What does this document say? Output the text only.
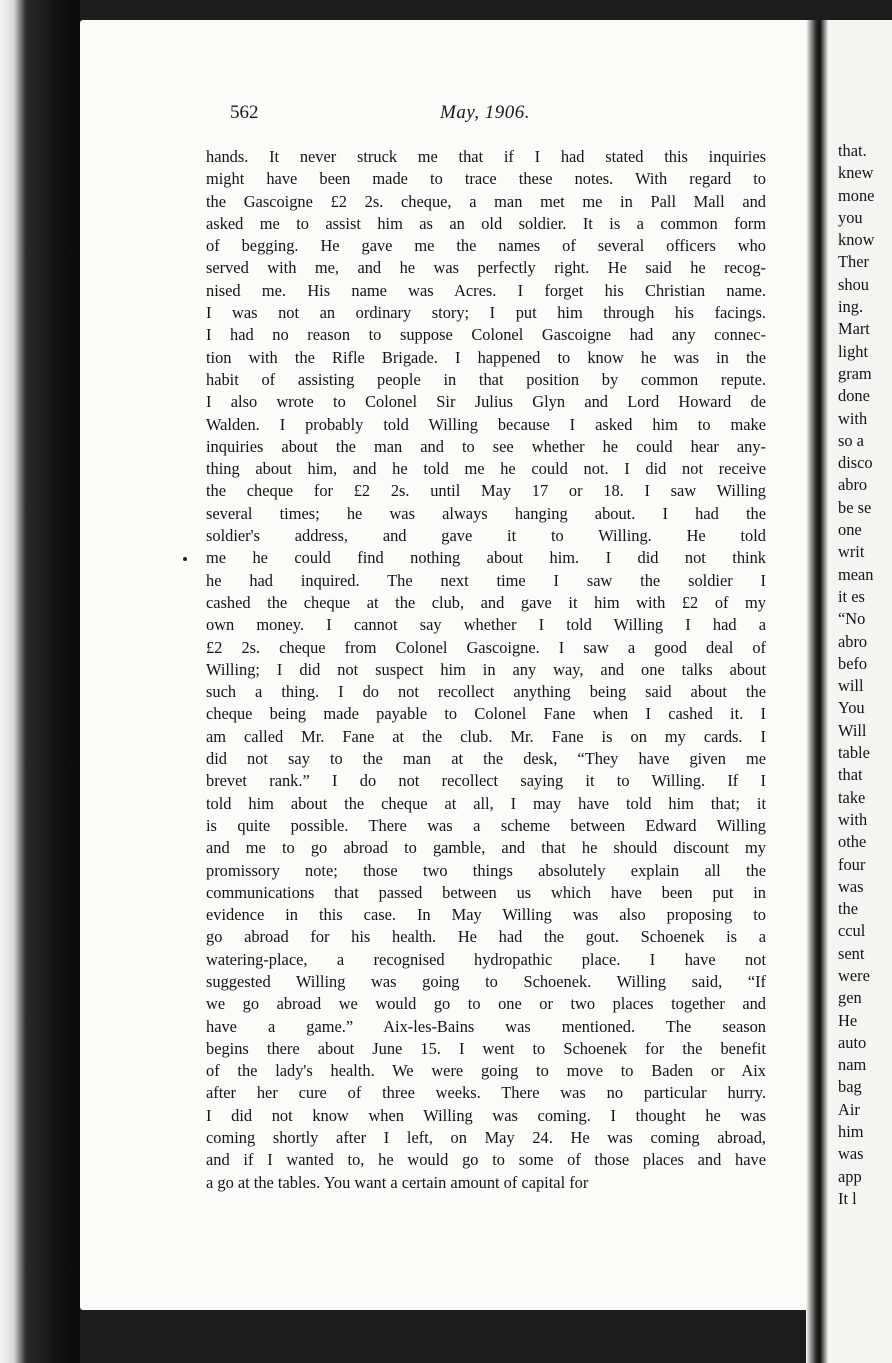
562	May, 1906.
hands. It never struck me that if I had stated this inquiries
might have been made to trace these notes. With regard to
the Gascoigne £2 2s. cheque, a man met me in Pall Mall and
asked me to assist him as an old soldier. It is a common form
of begging. He gave me the names of several officers who
served with me, and he was perfectly right. He said he recog-
nised me. His name was Acres. I forget his Christian name.
I was not an ordinary story; I put him through his facings.
I had no reason to suppose Colonel Gascoigne had any connec-
tion with the Rifle Brigade. I happened to know he was in the
habit of assisting people in that position by common repute.
I also wrote to Colonel Sir Julius Glyn and Lord Howard de
Walden. I probably told Willing because I asked him to make
inquiries about the man and to see whether he could hear any-
thing about him, and he told me he could not. I did not receive
the cheque for £2 2s. until May 17 or 18. I saw Willing
several times; he was always hanging about. I had the
soldier's address, and gave it to Willing. He told
me he could find nothing about him. I did not think
he had inquired. The next time I saw the soldier I
cashed the cheque at the club, and gave it him with £2 of my
own money. I cannot say whether I told Willing I had a
£2 2s. cheque from Colonel Gascoigne. I saw a good deal of
Willing; I did not suspect him in any way, and one talks about
such a thing. I do not recollect anything being said about the
cheque being made payable to Colonel Fane when I cashed it. I
am called Mr. Fane at the club. Mr. Fane is on my cards. I
did not say to the man at the desk, “They have given me
brevet rank.” I do not recollect saying it to Willing. If I
told him about the cheque at all, I may have told him that; it
is quite possible. There was a scheme between Edward Willing
and me to go abroad to gamble, and that he should discount my
promissory note; those two things absolutely explain all the
communications that passed between us which have been put in
evidence in this case. In May Willing was also proposing to
go abroad for his health. He had the gout. Schoenek is a
watering-place, a recognised hydropathic place. I have not
suggested Willing was going to Schoenek. Willing said, “If
we go abroad we would go to one or two places together and
have a game.” Aix-les-Bains was mentioned. The season
begins there about June 15. I went to Schoenek for the benefit
of the lady's health. We were going to move to Baden or Aix
after her cure of three weeks. There was no particular hurry.
I did not know when Willing was coming. I thought he was
coming shortly after I left, on May 24. He was coming abroad,
and if I wanted to, he would go to some of those places and have
a go at the tables. You want a certain amount of capital for
that.
knew
mone
you
know
Ther
shou
ing.
Mart
light
gram
done
with
so a
disco
abro
be se
one
writ
mean
it es
“No
abro
befo
will
You
Will
table
that
take
with
othe
four
was
the
ccul
sent
were
gen
He
auto
nam
bag
Air
him
was
app
It l
